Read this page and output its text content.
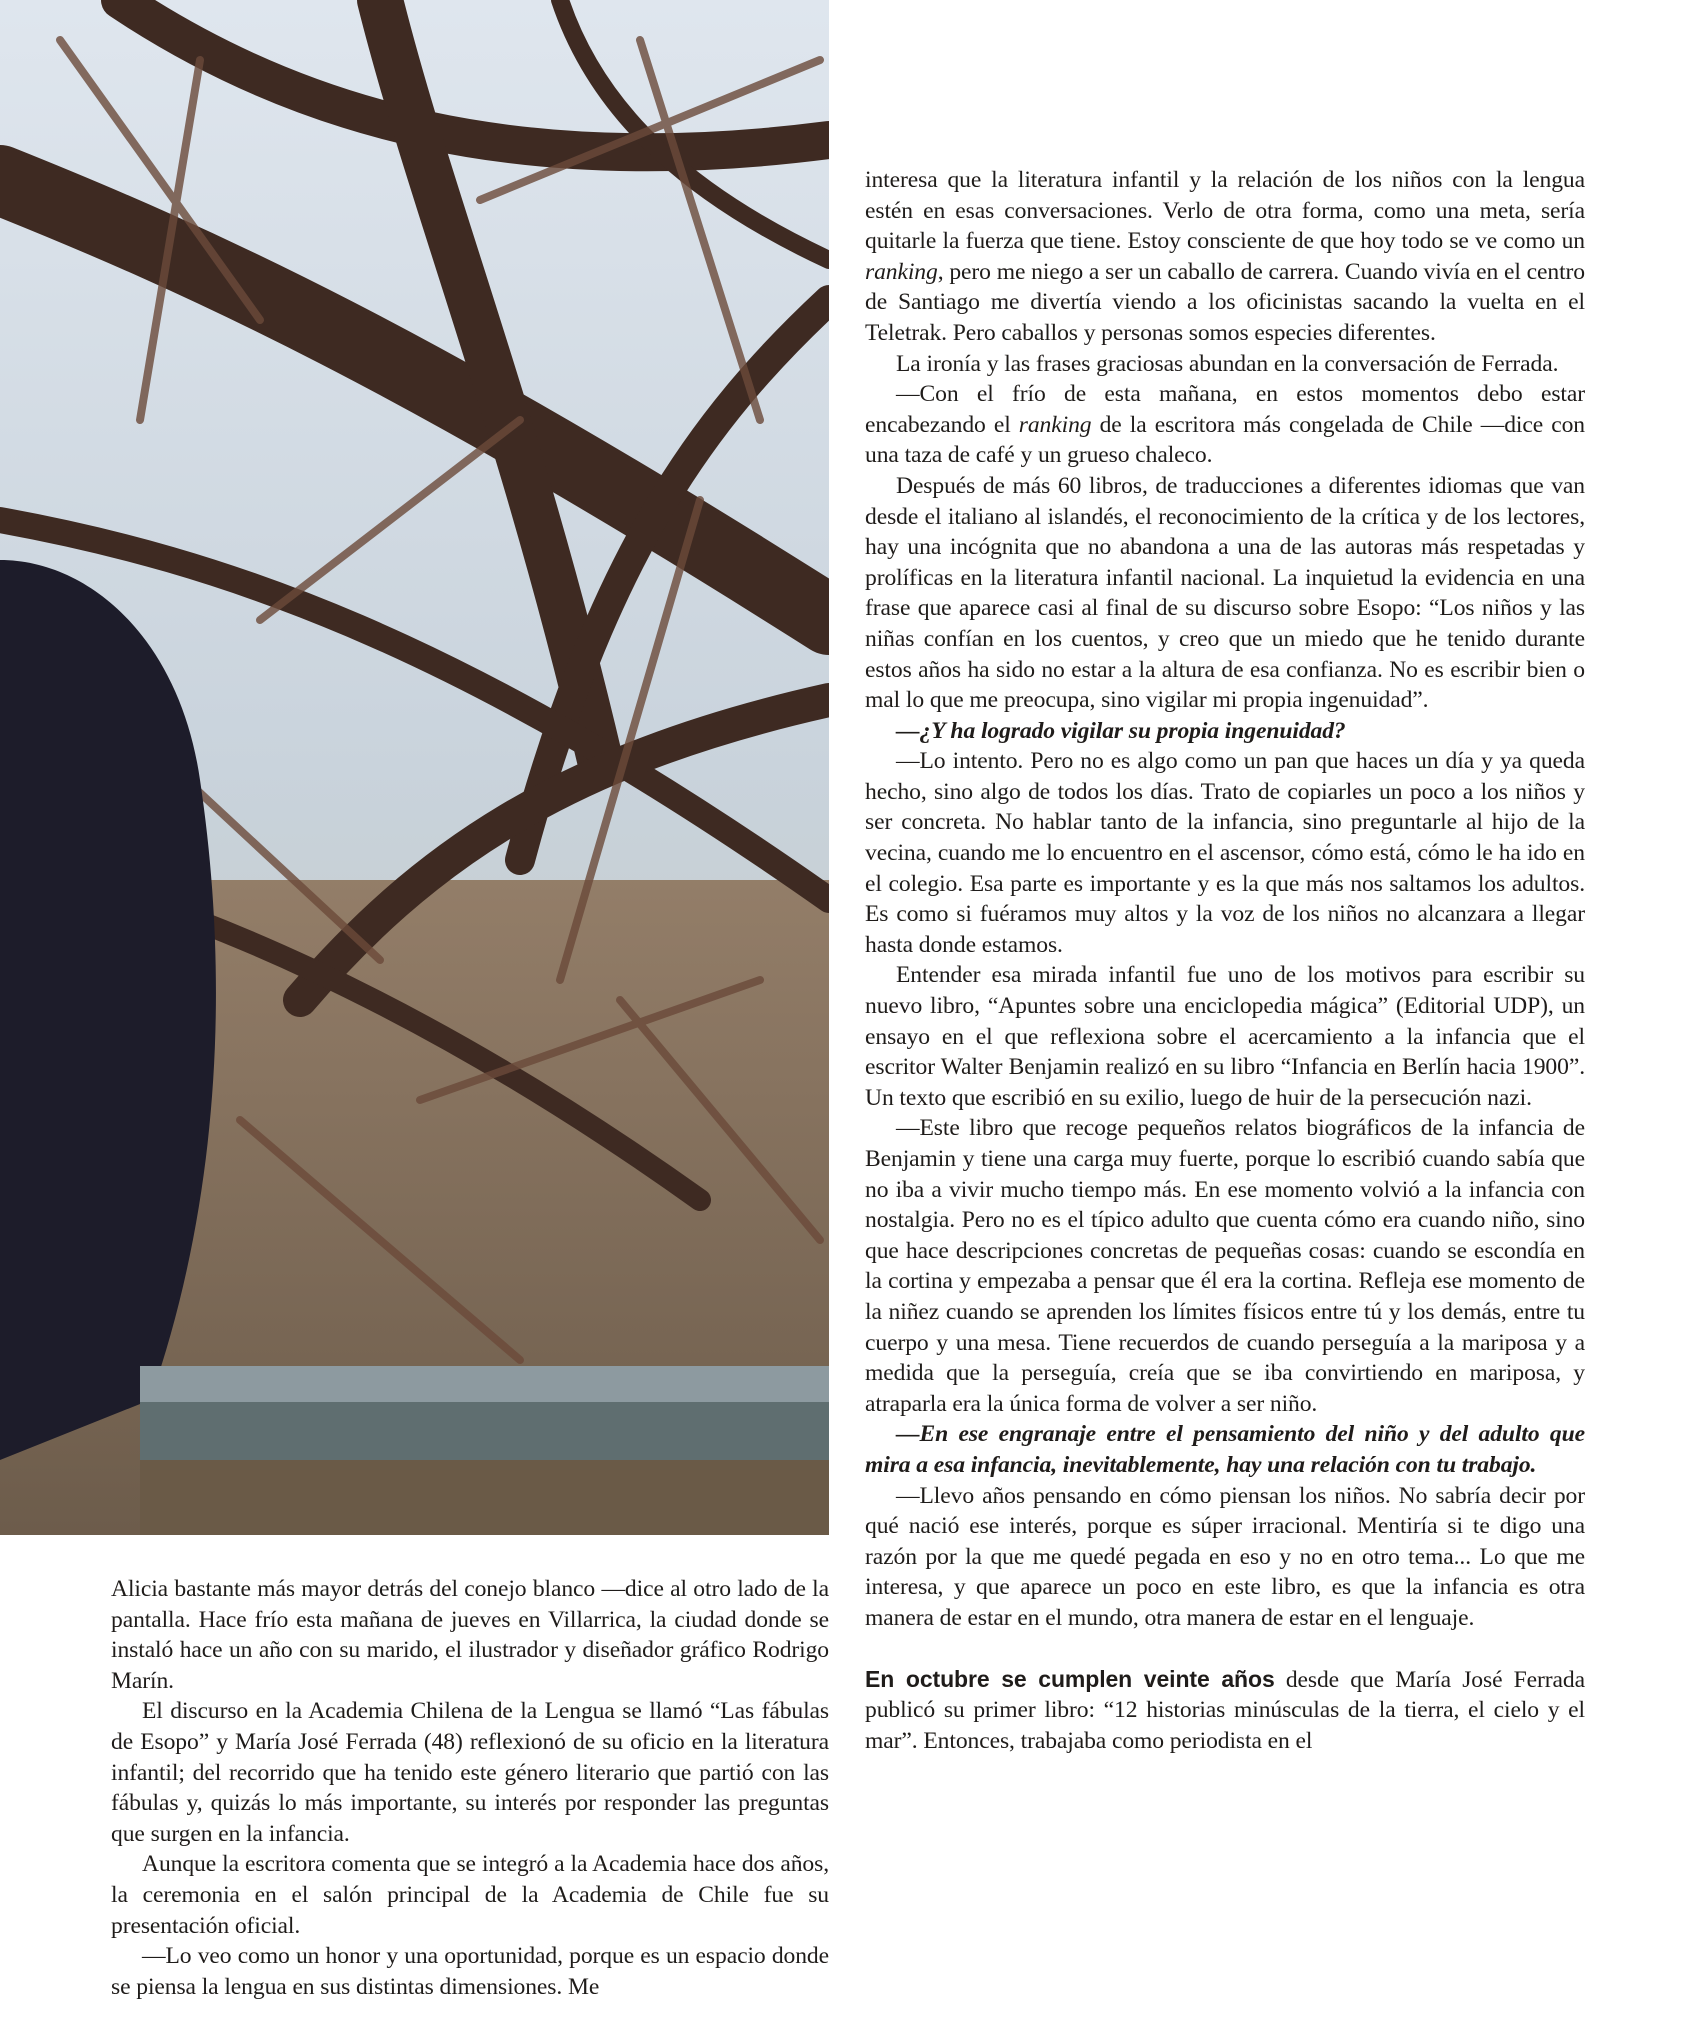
Alicia bastante más mayor detrás del conejo blanco —dice al otro lado de la pantalla. Hace frío esta mañana de jueves en Villarrica, la ciudad donde se instaló hace un año con su marido, el ilustrador y diseñador gráfico Rodrigo Marín.

El discurso en la Academia Chilena de la Lengua se llamó “Las fábulas de Esopo” y María José Ferrada (48) reflexionó de su oficio en la literatura infantil; del recorrido que ha tenido este género literario que partió con las fábulas y, quizás lo más importante, su interés por responder las preguntas que surgen en la infancia.

Aunque la escritora comenta que se integró a la Academia hace dos años, la ceremonia en el salón principal de la Academia de Chile fue su presentación oficial.

—Lo veo como un honor y una oportunidad, porque es un espacio donde se piensa la lengua en sus distintas dimensiones. Me

interesa que la literatura infantil y la relación de los niños con la lengua estén en esas conversaciones. Verlo de otra forma, como una meta, sería quitarle la fuerza que tiene. Estoy consciente de que hoy todo se ve como un ranking, pero me niego a ser un caballo de carrera. Cuando vivía en el centro de Santiago me divertía viendo a los oficinistas sacando la vuelta en el Teletrak. Pero caballos y personas somos especies diferentes.

La ironía y las frases graciosas abundan en la conversación de Ferrada.

—Con el frío de esta mañana, en estos momentos debo estar encabezando el ranking de la escritora más congelada de Chile —dice con una taza de café y un grueso chaleco.

Después de más 60 libros, de traducciones a diferentes idiomas que van desde el italiano al islandés, el reconocimiento de la crítica y de los lectores, hay una incógnita que no abandona a una de las autoras más respetadas y prolíficas en la literatura infantil nacional. La inquietud la evidencia en una frase que aparece casi al final de su discurso sobre Esopo: “Los niños y las niñas confían en los cuentos, y creo que un miedo que he tenido durante estos años ha sido no estar a la altura de esa confianza. No es escribir bien o mal lo que me preocupa, sino vigilar mi propia ingenuidad”.

—¿Y ha logrado vigilar su propia ingenuidad?

—Lo intento. Pero no es algo como un pan que haces un día y ya queda hecho, sino algo de todos los días. Trato de copiarles un poco a los niños y ser concreta. No hablar tanto de la infancia, sino preguntarle al hijo de la vecina, cuando me lo encuentro en el ascensor, cómo está, cómo le ha ido en el colegio. Esa parte es importante y es la que más nos saltamos los adultos. Es como si fuéramos muy altos y la voz de los niños no alcanzara a llegar hasta donde estamos.

Entender esa mirada infantil fue uno de los motivos para escribir su nuevo libro, “Apuntes sobre una enciclopedia mágica” (Editorial UDP), un ensayo en el que reflexiona sobre el acercamiento a la infancia que el escritor Walter Benjamin realizó en su libro “Infancia en Berlín hacia 1900”. Un texto que escribió en su exilio, luego de huir de la persecución nazi.

—Este libro que recoge pequeños relatos biográficos de la infancia de Benjamin y tiene una carga muy fuerte, porque lo escribió cuando sabía que no iba a vivir mucho tiempo más. En ese momento volvió a la infancia con nostalgia. Pero no es el típico adulto que cuenta cómo era cuando niño, sino que hace descripciones concretas de pequeñas cosas: cuando se escondía en la cortina y empezaba a pensar que él era la cortina. Refleja ese momento de la niñez cuando se aprenden los límites físicos entre tú y los demás, entre tu cuerpo y una mesa. Tiene recuerdos de cuando perseguía a la mariposa y a medida que la perseguía, creía que se iba convirtiendo en mariposa, y atraparla era la única forma de volver a ser niño.

—En ese engranaje entre el pensamiento del niño y del adulto que mira a esa infancia, inevitablemente, hay una relación con tu trabajo.

—Llevo años pensando en cómo piensan los niños. No sabría decir por qué nació ese interés, porque es súper irracional. Mentiría si te digo una razón por la que me quedé pegada en eso y no en otro tema... Lo que me interesa, y que aparece un poco en este libro, es que la infancia es otra manera de estar en el mundo, otra manera de estar en el lenguaje.

En octubre se cumplen veinte años desde que María José Ferrada publicó su primer libro: “12 historias minúsculas de la tierra, el cielo y el mar”. Entonces, trabajaba como periodista en el
